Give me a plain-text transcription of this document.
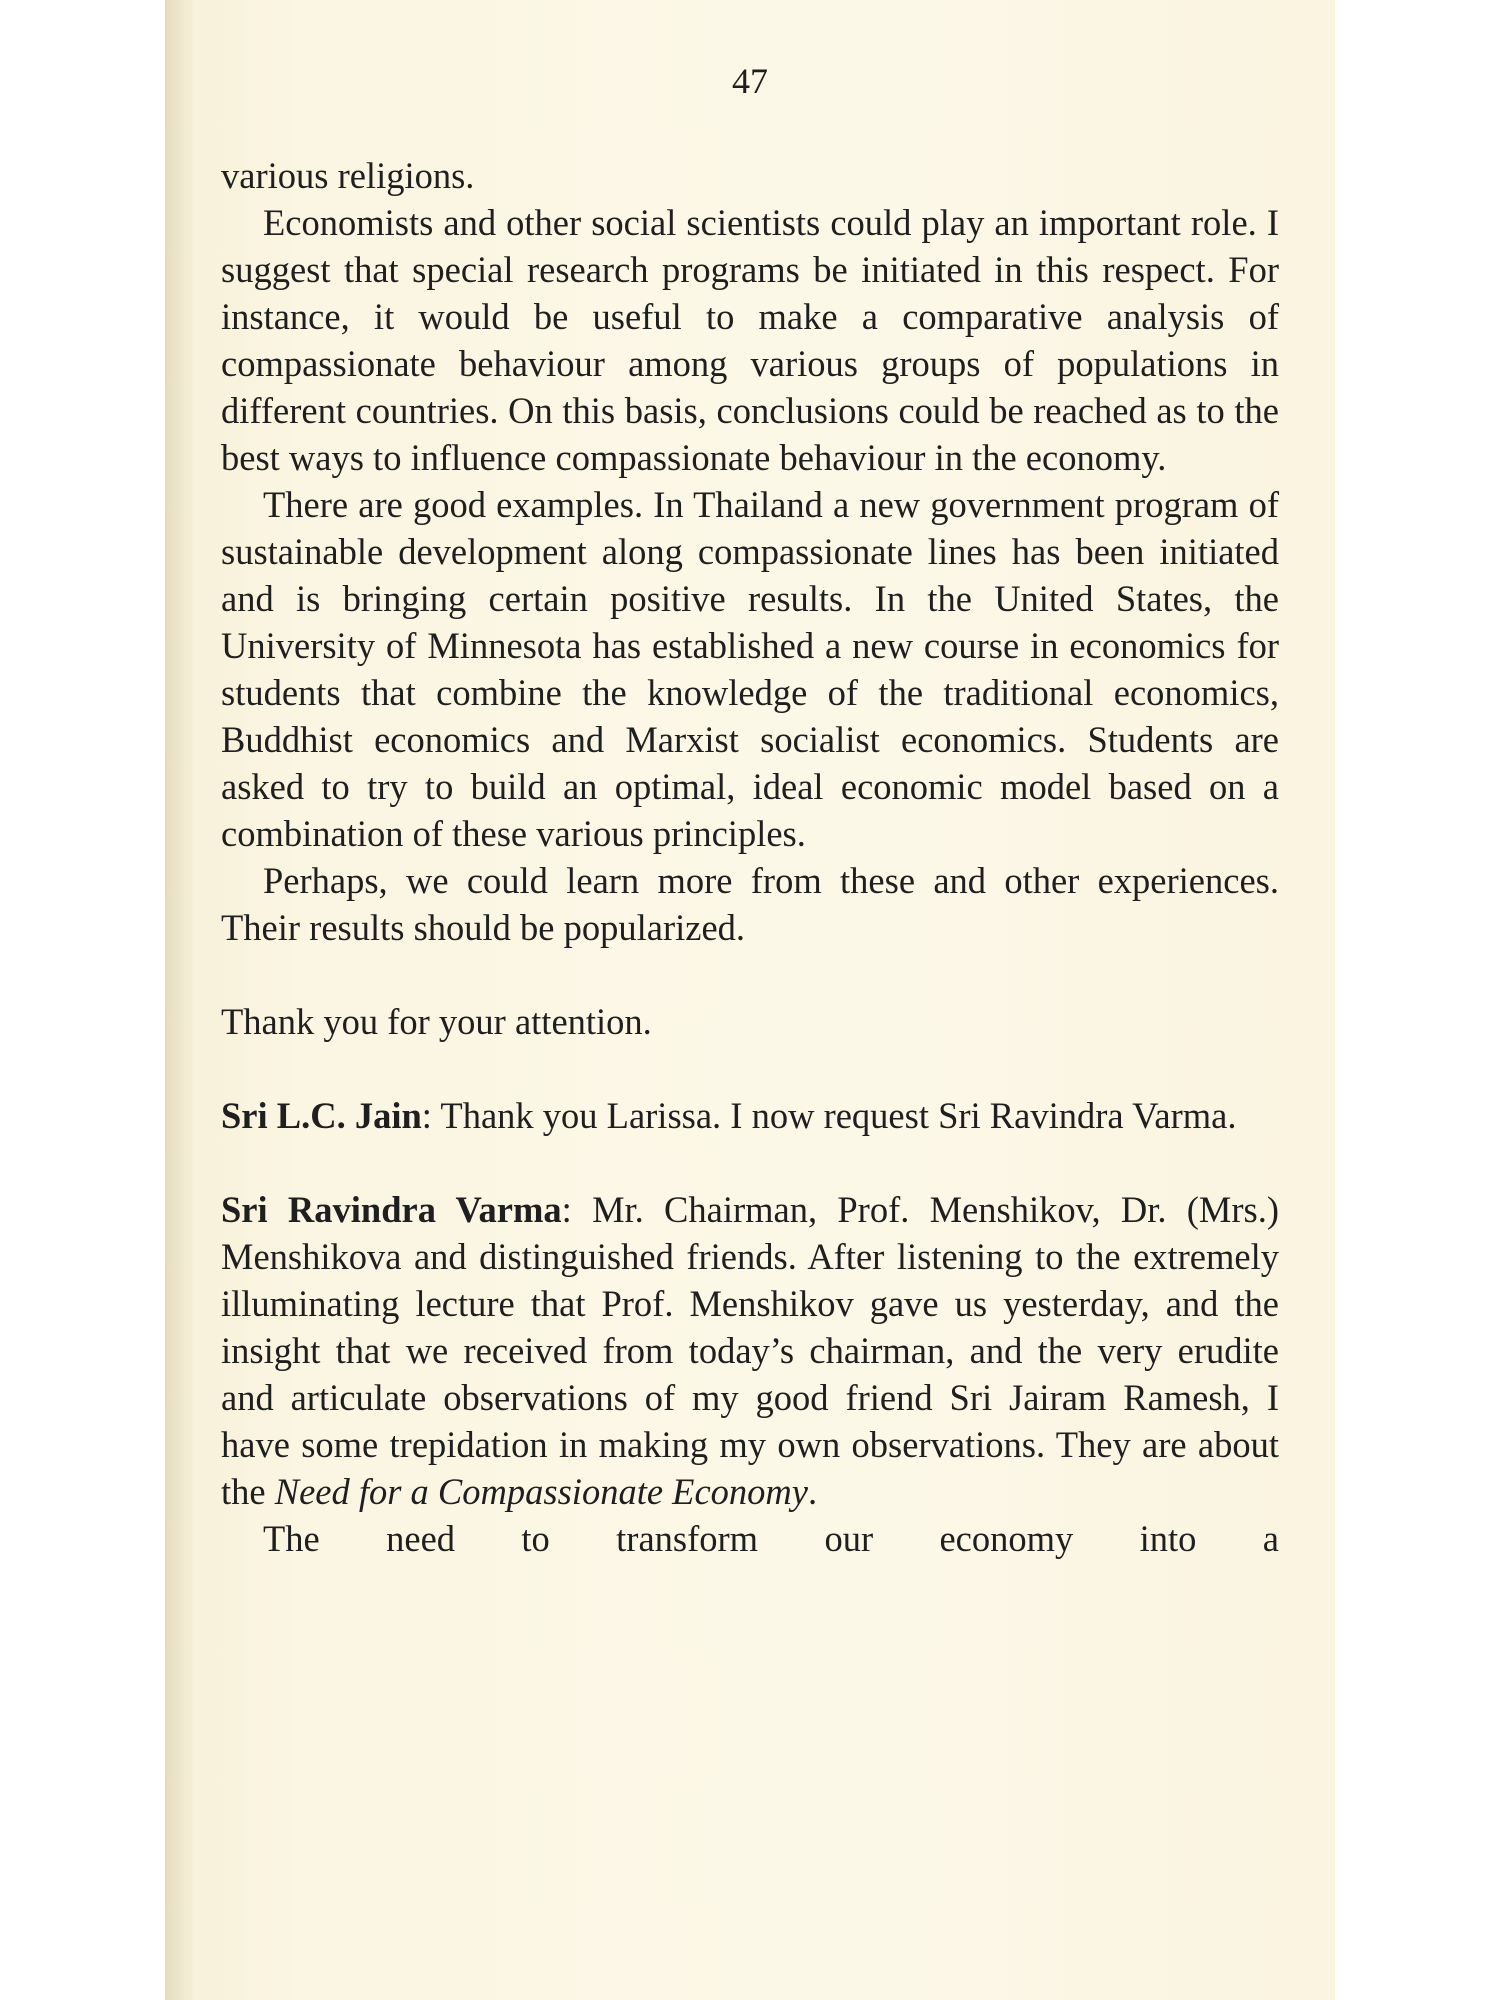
47

various religions.

Economists and other social scientists could play an important role. I suggest that special research programs be initiated in this respect. For instance, it would be useful to make a comparative analysis of compassionate behaviour among various groups of populations in different countries. On this basis, conclusions could be reached as to the best ways to influence compassionate behaviour in the economy.

There are good examples. In Thailand a new government program of sustainable development along compassionate lines has been initiated and is bringing certain positive results. In the United States, the University of Minnesota has established a new course in economics for students that combine the knowledge of the traditional economics, Buddhist economics and Marxist socialist economics. Students are asked to try to build an optimal, ideal economic model based on a combination of these various principles.

Perhaps, we could learn more from these and other experiences. Their results should be popularized.

Thank you for your attention.

Sri L.C. Jain: Thank you Larissa. I now request Sri Ravindra Varma.

Sri Ravindra Varma: Mr. Chairman, Prof. Menshikov, Dr. (Mrs.) Menshikova and distinguished friends. After listening to the extremely illuminating lecture that Prof. Menshikov gave us yesterday, and the insight that we received from today’s chairman, and the very erudite and articulate observations of my good friend Sri Jairam Ramesh, I have some trepidation in making my own observations. They are about the Need for a Compassionate Economy.

The need to transform our economy into a
